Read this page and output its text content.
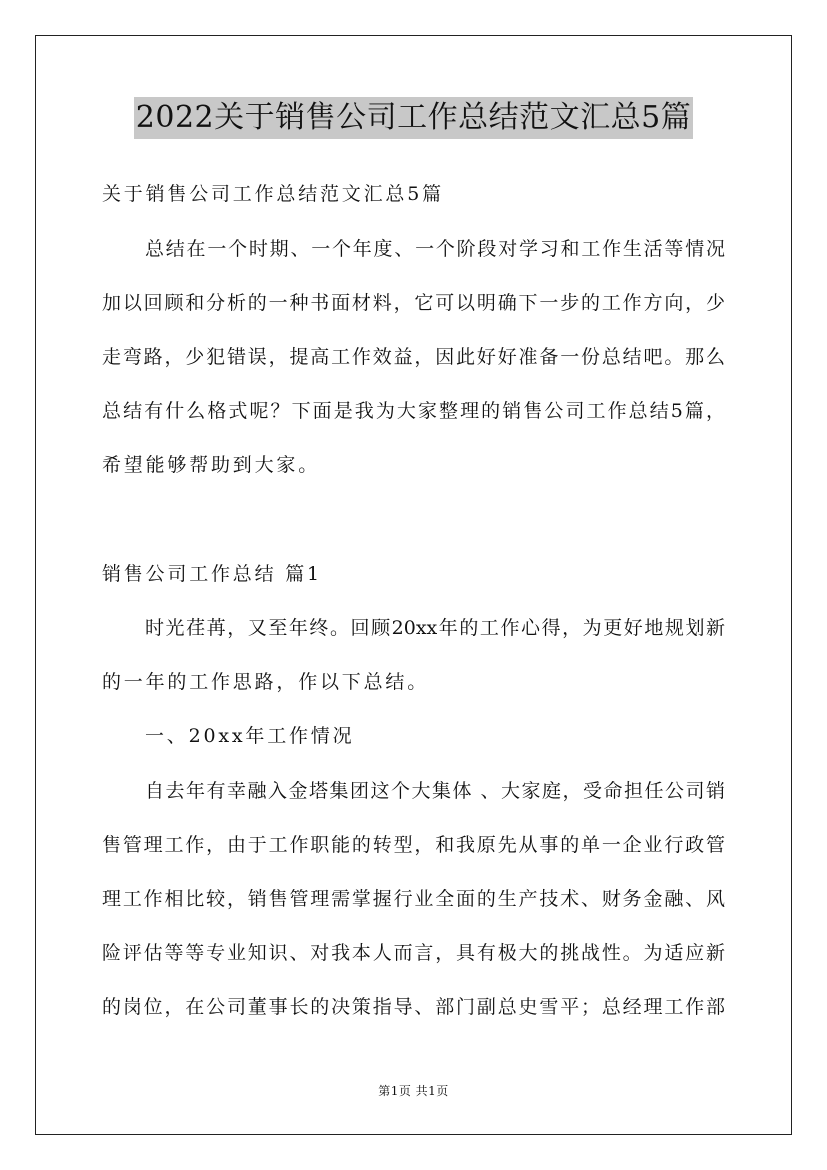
2022关于销售公司工作总结范文汇总5篇
关于销售公司工作总结范文汇总5篇
总结在一个时期、一个年度、一个阶段对学习和工作生活等情况
加以回顾和分析的一种书面材料，它可以明确下一步的工作方向，少
走弯路，少犯错误，提高工作效益，因此好好准备一份总结吧。那么
总结有什么格式呢？下面是我为大家整理的销售公司工作总结5篇，
希望能够帮助到大家。
销售公司工作总结 篇1
时光荏苒，又至年终。回顾20xx年的工作心得，为更好地规划新
的一年的工作思路，作以下总结。
一、20xx年工作情况
自去年有幸融入金塔集团这个大集体 、大家庭，受命担任公司销
售管理工作，由于工作职能的转型，和我原先从事的单一企业行政管
理工作相比较，销售管理需掌握行业全面的生产技术、财务金融、风
险评估等等专业知识、对我本人而言，具有极大的挑战性。为适应新
的岗位，在公司董事长的决策指导、部门副总史雪平；总经理工作部
第1页 共1页
